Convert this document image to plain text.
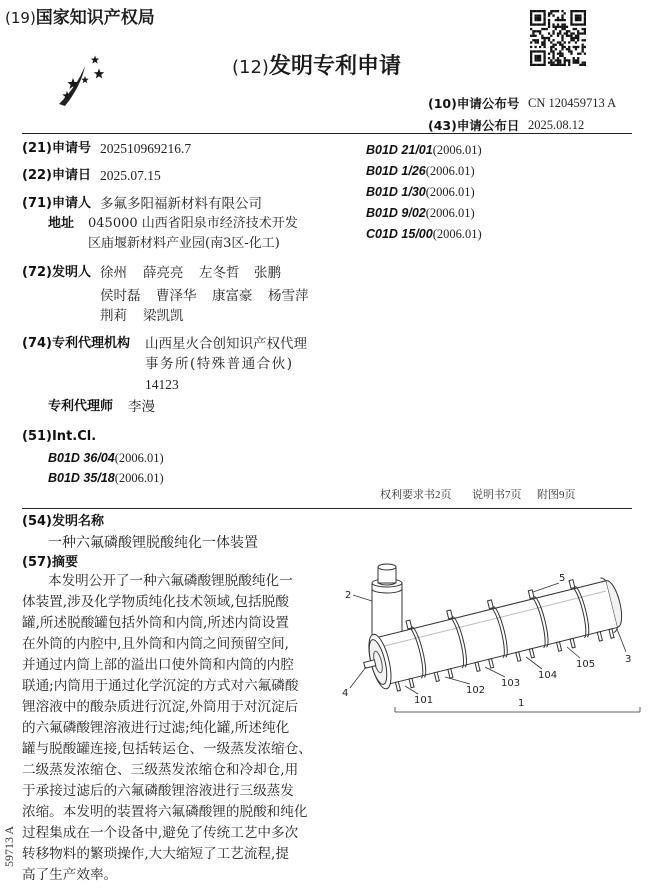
(19)国家知识产权局
(12)发明专利申请
(10)申请公布号 CN 120459713 A
(43)申请公布日 2025.08.12
(21)申请号 202510969216.7
(22)申请日 2025.07.15
(71)申请人 多氟多阳福新材料有限公司
地址 045000 山西省阳泉市经济技术开发
区庙堰新材料产业园(南3区-化工)
(72)发明人 徐州 薛亮亮 左冬哲 张鹏
侯时磊 曹泽华 康富豪 杨雪萍
荆莉 梁凯凯
(74)专利代理机构 山西星火合创知识产权代理
事务所(特殊普通合伙)
14123
专利代理师 李漫
(51)Int.Cl.
B01D 36/04(2006.01)
B01D 35/18(2006.01)
B01D 21/01(2006.01)
B01D 1/26(2006.01)
B01D 1/30(2006.01)
B01D 9/02(2006.01)
C01D 15/00(2006.01)
权利要求书2页 说明书7页 附图9页
(54)发明名称
一种六氟磷酸锂脱酸纯化一体装置
(57)摘要
本发明公开了一种六氟磷酸锂脱酸纯化一
体装置,涉及化学物质纯化技术领域,包括脱酸
罐,所述脱酸罐包括外筒和内筒,所述内筒设置
在外筒的内腔中,且外筒和内筒之间预留空间,
并通过内筒上部的溢出口使外筒和内筒的内腔
联通;内筒用于通过化学沉淀的方式对六氟磷酸
锂溶液中的酸杂质进行沉淀,外筒用于对沉淀后
的六氟磷酸锂溶液进行过滤;纯化罐,所述纯化
罐与脱酸罐连接,包括转运仓、一级蒸发浓缩仓、
二级蒸发浓缩仓、三级蒸发浓缩仓和冷却仓,用
于承接过滤后的六氟磷酸锂溶液进行三级蒸发
浓缩。本发明的装置将六氟磷酸锂的脱酸和纯化
过程集成在一个设备中,避免了传统工艺中多次
转移物料的繁琐操作,大大缩短了工艺流程,提
高了生产效率。
2
5
3
4
101
102
103
104
105
1
59713 A
